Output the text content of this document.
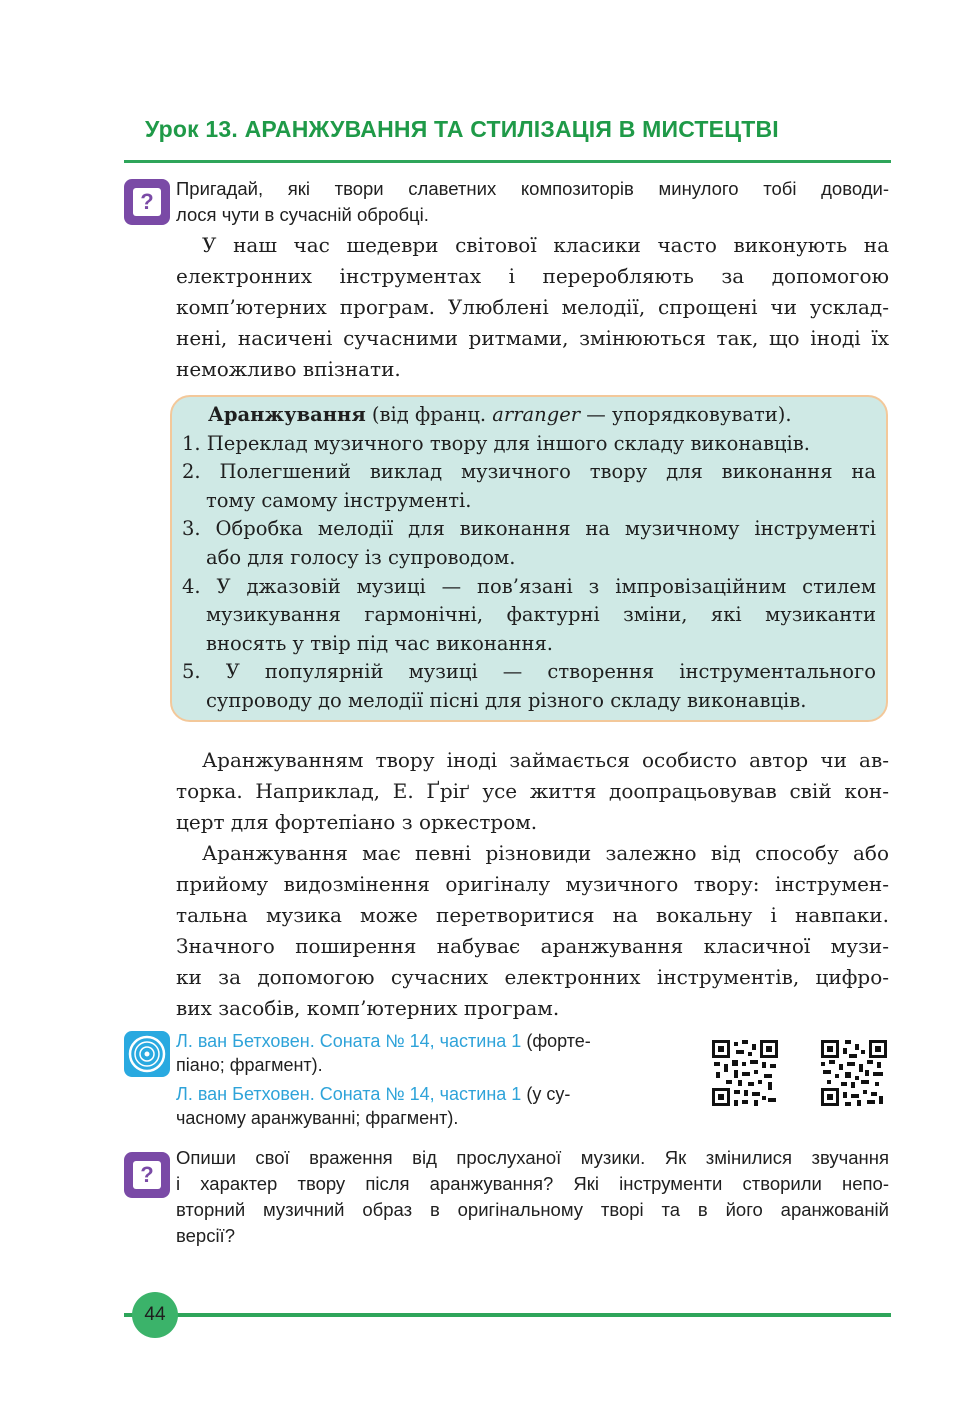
Урок 13. АРАНЖУВАННЯ ТА СТИЛІЗАЦІЯ В МИСТЕЦТВІ
?
Пригадай, які твори славетних композиторів минулого тобі доводи-
лося чути в сучасній обробці.
У наш час шедеври світової класики часто виконують на
електронних інструментах і переробляють за допомогою
комп’ютерних програм. Улюблені мелодії, спрощені чи усклад-
нені, насичені сучасними ритмами, змінюються так, що іноді їх
неможливо впізнати.
Аранжування (від франц. arranger — упорядковувати).
1. Переклад музичного твору для іншого складу виконавців.
2. Полегшений виклад музичного твору для виконання на
тому самому інструменті.
3. Обробка мелодії для виконання на музичному інструменті
або для голосу із супроводом.
4. У джазовій музиці — пов’язані з імпровізаційним стилем
музикування гармонічні, фактурні зміни, які музиканти
вносять у твір під час виконання.
5. У популярній музиці — створення інструментального
супроводу до мелодії пісні для різного складу виконавців.
Аранжуванням твору іноді займається особисто автор чи ав-
торка. Наприклад, Е. Ґріґ усе життя доопрацьовував свій кон-
церт для фортепіано з оркестром.
Аранжування має певні різновиди залежно від способу або
прийому видозмінення оригіналу музичного твору: інструмен-
тальна музика може перетворитися на вокальну і навпаки.
Значного поширення набуває аранжування класичної музи-
ки за допомогою сучасних електронних інструментів, цифро-
вих засобів, комп’ютерних програм.
Л. ван Бетховен. Соната № 14, частина 1 (форте-
піано; фрагмент).
Л. ван Бетховен. Соната № 14, частина 1 (у су-
часному аранжуванні; фрагмент).
?
Опиши свої враження від прослуханої музики. Як змінилися звучання
і характер твору після аранжування? Які інструменти створили непо-
вторний музичний образ в оригінальному творі та в його аранжованій
версії?
44
